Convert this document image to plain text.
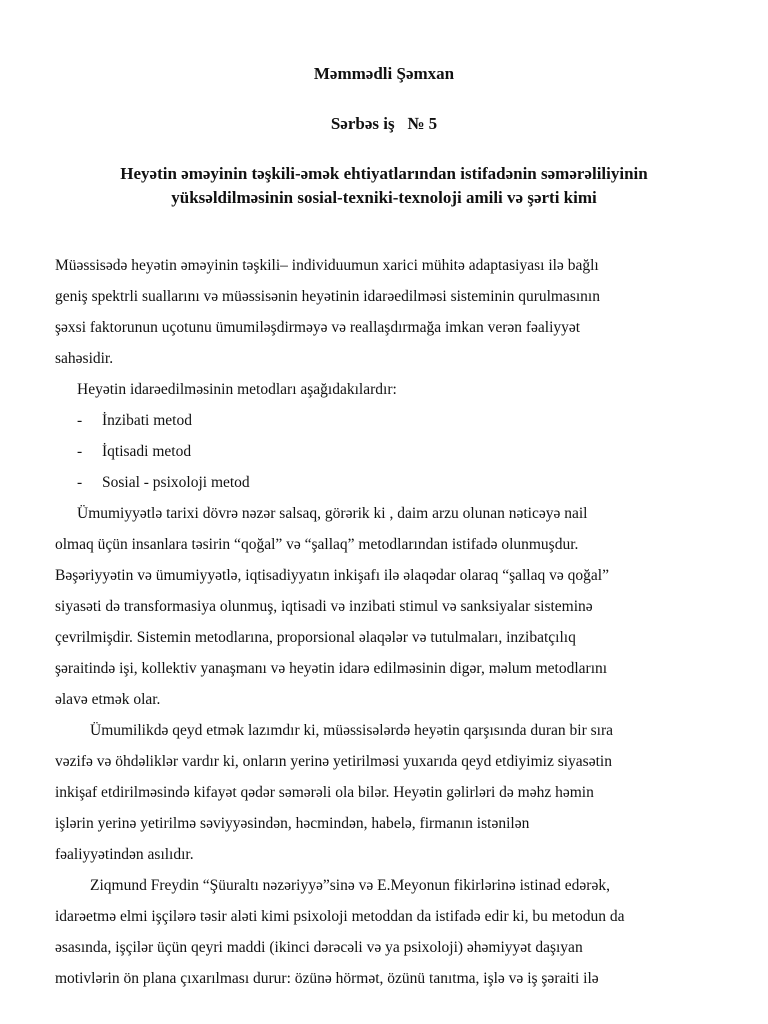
Məmmədli Şəmxan
Sərbəs iş   № 5
Heyətin əməyinin təşkili-əmək ehtiyatlarından istifadənin səmərəliliyinin
yüksəldilməsinin sosial-texniki-texnoloji amili və şərti kimi
Müəssisədə heyətin əməyinin təşkili– individuumun xarici mühitə adaptasiyası ilə bağlı
geniş spektrli suallarını və müəssisənin heyətinin idarəedilməsi sisteminin qurulmasının
şəxsi faktorunun uçotunu ümumiləşdirməyə və reallaşdırmağa imkan verən fəaliyyət
sahəsidir.
Heyətin idarəedilməsinin metodları aşağıdakılardır:
- İnzibati metod
- İqtisadi metod
- Sosial - psixoloji metod
Ümumiyyətlə tarixi dövrə nəzər salsaq, görərik ki , daim arzu olunan nəticəyə nail
olmaq üçün insanlara təsirin “qoğal” və “şallaq” metodlarından istifadə olunmuşdur.
Bəşəriyyətin və ümumiyyətlə, iqtisadiyyatın inkişafı ilə əlaqədar olaraq “şallaq və qoğal”
siyasəti də transformasiya olunmuş, iqtisadi və inzibati stimul və sanksiyalar sisteminə
çevrilmişdir. Sistemin metodlarına, proporsional əlaqələr və tutulmaları, inzibatçılıq
şəraitində işi, kollektiv yanaşmanı və heyətin idarə edilməsinin digər, məlum metodlarını
əlavə etmək olar.
Ümumilikdə qeyd etmək lazımdır ki, müəssisələrdə heyətin qarşısında duran bir sıra
vəzifə və öhdəliklər vardır ki, onların yerinə yetirilməsi yuxarıda qeyd etdiyimiz siyasətin
inkişaf etdirilməsində kifayət qədər səmərəli ola bilər. Heyətin gəlirləri də məhz həmin
işlərin yerinə yetirilmə səviyyəsindən, həcmindən, habelə, firmanın istənilən
fəaliyyətindən asılıdır.
Ziqmund Freydin “Şüuraltı nəzəriyyə”sinə və E.Meyonun fikirlərinə istinad edərək,
idarəetmə elmi işçilərə təsir aləti kimi psixoloji metoddan da istifadə edir ki, bu metodun da
əsasında, işçilər üçün qeyri maddi (ikinci dərəcəli və ya psixoloji) əhəmiyyət daşıyan
motivlərin ön plana çıxarılması durur: özünə hörmət, özünü tanıtma, işlə və iş şəraiti ilə
